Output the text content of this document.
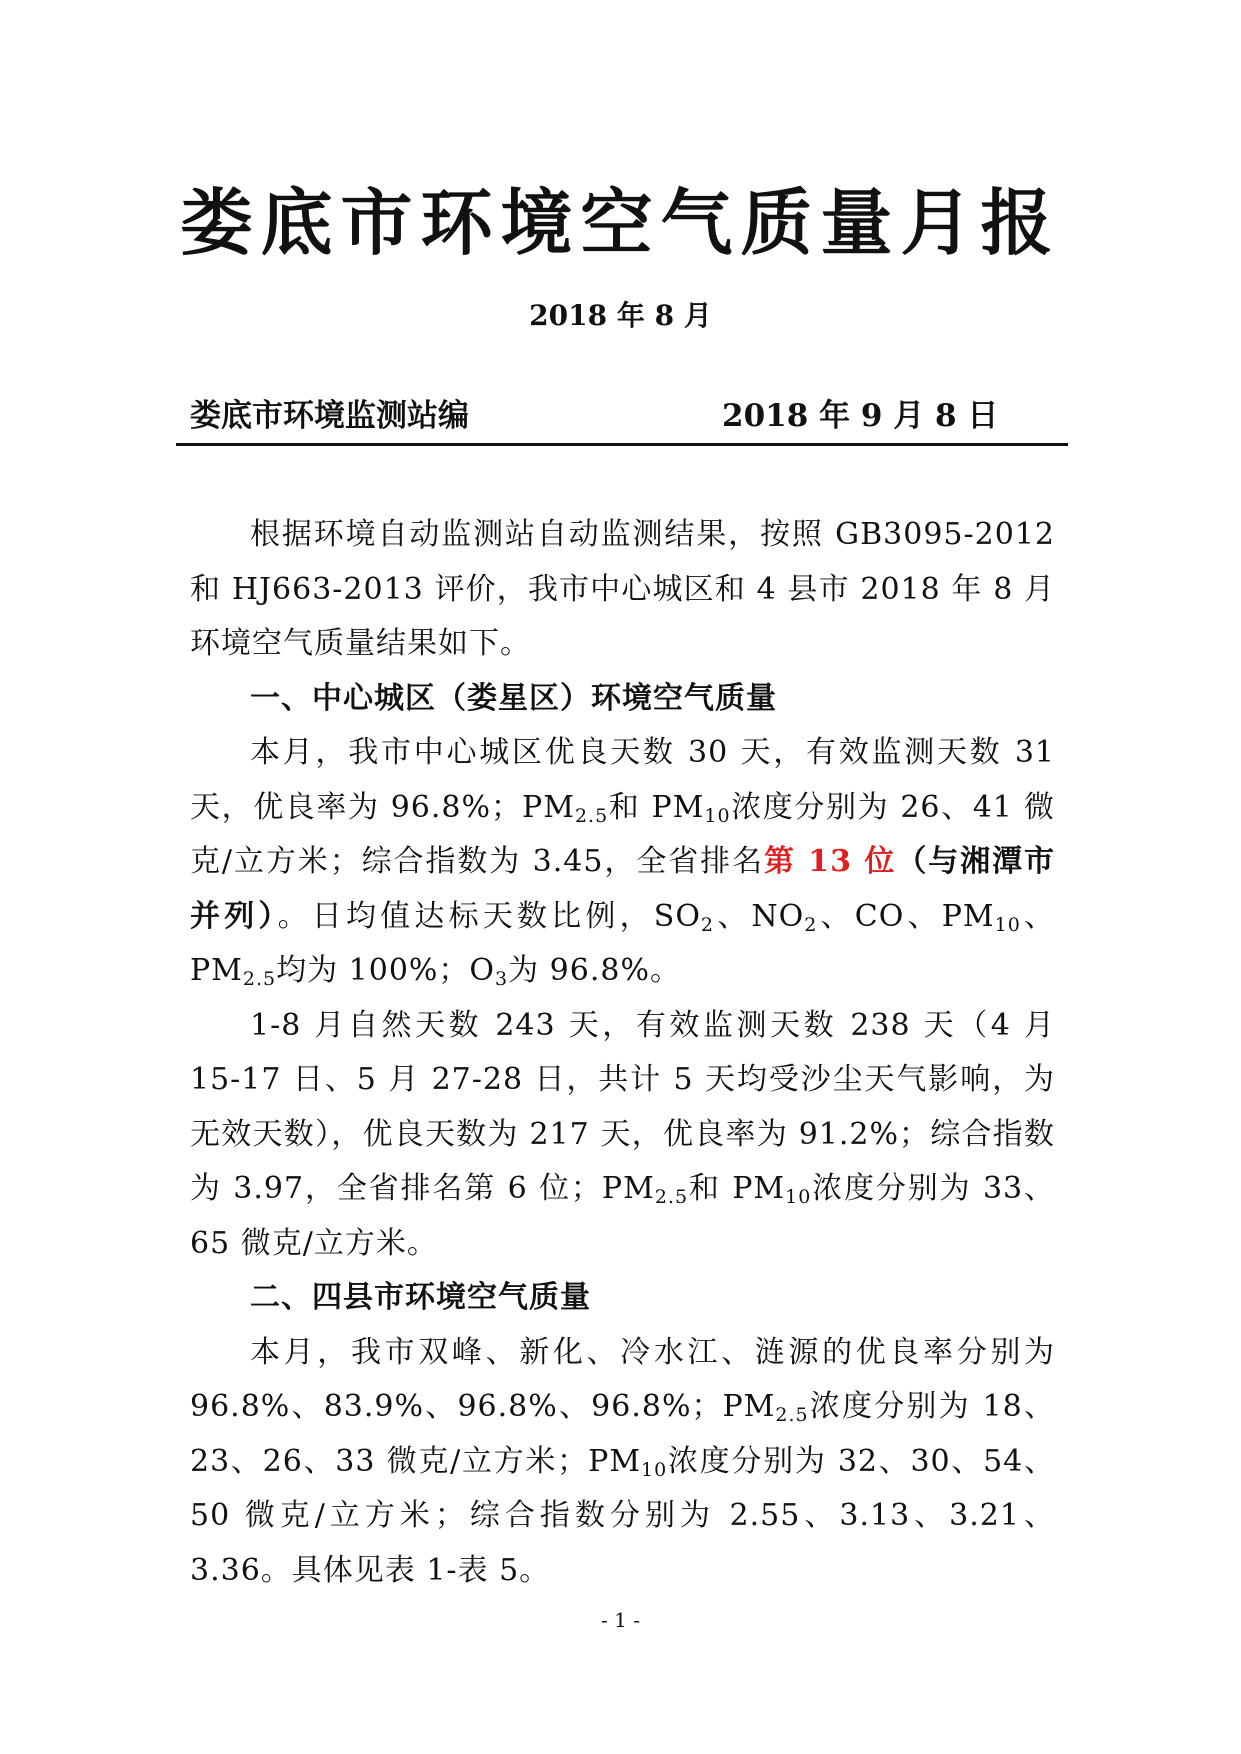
娄底市环境空气质量月报
2018 年 8 月
娄底市环境监测站编	2018 年 9 月 8 日

根据环境自动监测站自动监测结果，按照 GB3095-2012 和 HJ663-2013 评价，我市中心城区和 4 县市 2018 年 8 月环境空气质量结果如下。

一、中心城区（娄星区）环境空气质量

本月，我市中心城区优良天数 30 天，有效监测天数 31 天，优良率为 96.8%；$PM_{2.5}$和 $PM_{10}$浓度分别为 26、41 微克/立方米；综合指数为 3.45，全省排名第 13 位（与湘潭市并列）。日均值达标天数比例，$SO_2$、$NO_2$、CO、$PM_{10}$、$PM_{2.5}$均为 100%；$O_3$为 96.8%。

1-8 月自然天数 243 天，有效监测天数 238 天（4 月 15-17 日、5 月 27-28 日，共计 5 天均受沙尘天气影响，为无效天数），优良天数为 217 天，优良率为 91.2%；综合指数为 3.97，全省排名第 6 位；$PM_{2.5}$和 $PM_{10}$浓度分别为 33、65 微克/立方米。

二、四县市环境空气质量

本月，我市双峰、新化、冷水江、涟源的优良率分别为 96.8%、83.9%、96.8%、96.8%；$PM_{2.5}$浓度分别为 18、23、26、33 微克/立方米；$PM_{10}$浓度分别为 32、30、54、50 微克/立方米；综合指数分别为 2.55、3.13、3.21、3.36。具体见表 1-表 5。

- 1 -
